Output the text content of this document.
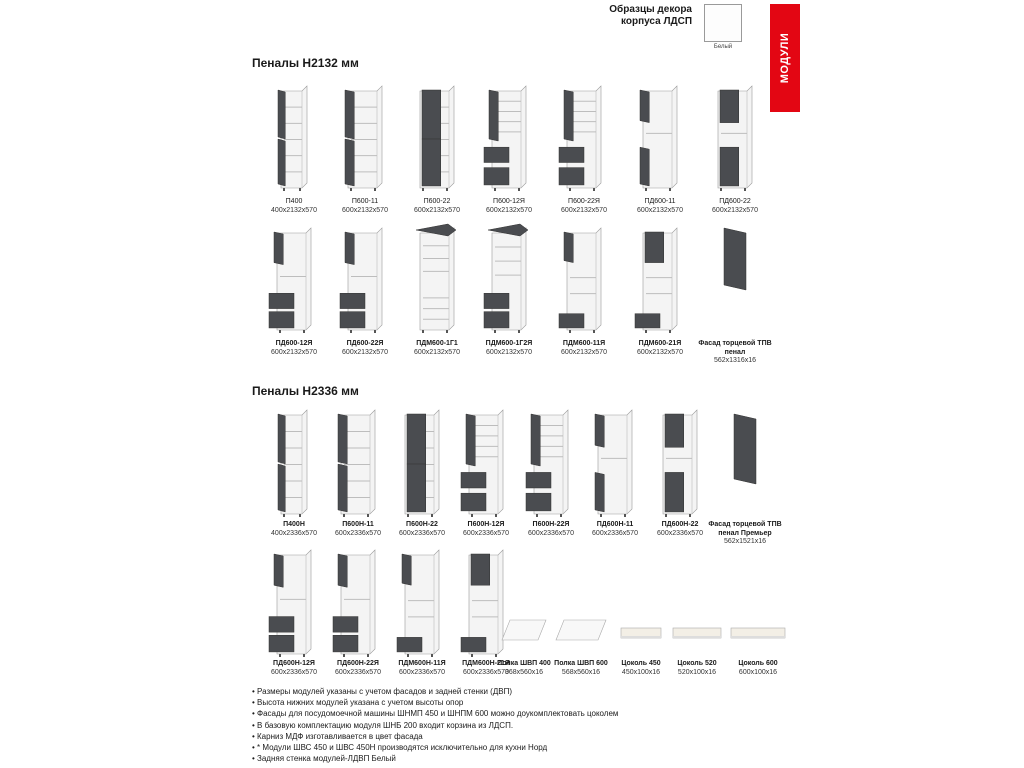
Образцы декора
корпуса ЛДСП
Белый	МОДУЛИ
Пеналы H2132 мм
Пеналы H2336 мм
П400
400x2132x570
П600-11
600x2132x570
П600-22
600x2132x570
П600-12Я
600x2132x570
П600-22Я
600x2132x570
ПД600-11
600x2132x570
ПД600-22
600x2132x570
ПД600-12Я
600x2132x570
ПД600-22Я
600x2132x570
ПДМ600-1Г1
600x2132x570
ПДМ600-1Г2Я
600x2132x570
ПДМ600-11Я
600x2132x570
ПДМ600-21Я
600x2132x570
Фасад торцевой ТПВ пенал
562x1316x16
П400Н
400x2336x570
П600Н-11
600x2336x570
П600Н-22
600x2336x570
П600Н-12Я
600x2336x570
П600Н-22Я
600x2336x570
ПД600Н-11
600x2336x570
ПД600Н-22
600x2336x570
Фасад торцевой ТПВ пенал Премьер
562x1521x16
ПД600Н-12Я
600x2336x570
ПД600Н-22Я
600x2336x570
ПДМ600Н-11Я
600x2336x570
ПДМ600Н-21Я
600x2336x570
Полка ШВП 400
368x560x16
Полка ШВП 600
568x560x16
Цоколь 450
450x100x16
Цоколь 520
520x100x16
Цоколь 600
600x100x16
• Размеры модулей указаны с учетом фасадов и задней стенки (ДВП)
• Высота нижних модулей указана с учетом высоты опор
• Фасады для посудомоечной машины ШНМП 450 и ШНПМ 600 можно доукомплектовать цоколем
• В базовую комплектацию модуля ШНБ 200 входит корзина из ЛДСП.
• Карниз МДФ изготавливается в цвет фасада
• * Модули ШВС 450 и ШВС 450Н производятся исключительно для кухни Норд
• Задняя стенка модулей-ЛДВП Белый
